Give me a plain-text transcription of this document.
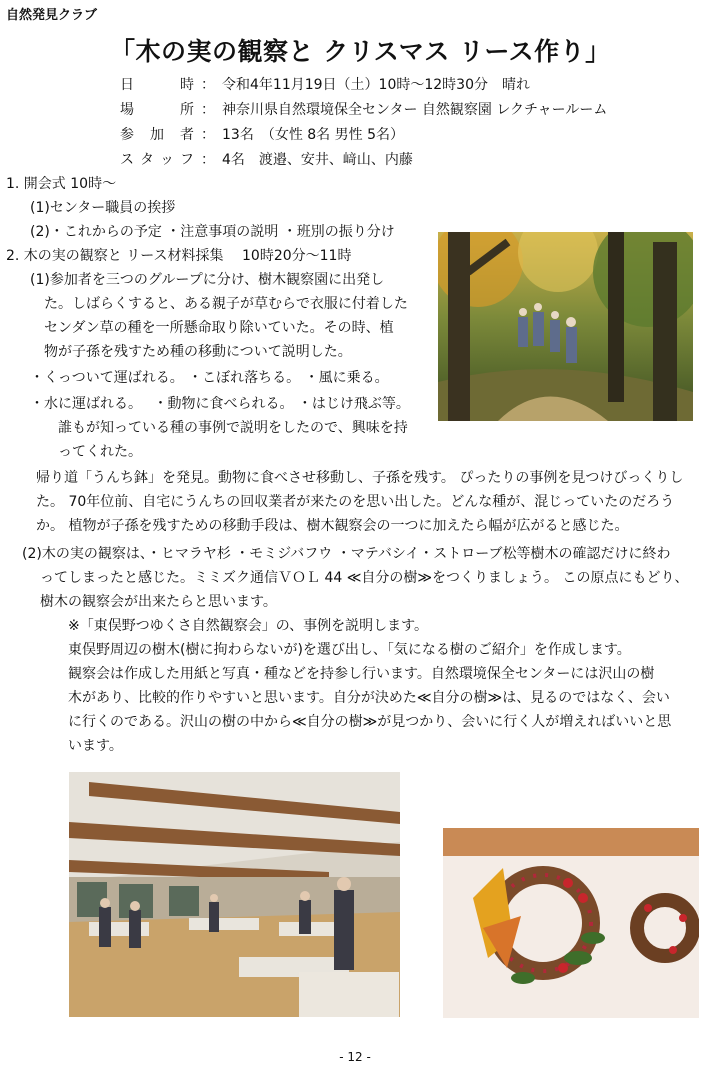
自然発見クラブ
「木の実の観察と クリスマス リース作り」
日 時 ： 令和4年11月19日（土）10時～12時30分　晴れ
場 所 ： 神奈川県自然環境保全センター 自然観察園 レクチャールーム
参加者 ： 13名　（女性 8名 男性 5名）
スタッフ ： 4名　渡邉、安井、﨑山、内藤
1. 開会式 10時～
(1)センター職員の挨拶
(2)・これからの予定 ・注意事項の説明 ・班別の振り分け
2. 木の実の観察と リース材料採集　 10時20分～11時
(1)参加者を三つのグループに分け、樹木観察園に出発し
た。しばらくすると、ある親子が草むらで衣服に付着した
センダン草の種を一所懸命取り除いていた。その時、植
物が子孫を残すため種の移動について説明した。
・くっついて運ばれる。 ・こぼれ落ちる。 ・風に乗る。
・水に運ばれる。　 ・動物に食べられる。 ・はじけ飛ぶ等。
誰もが知っている種の事例で説明をしたので、興味を持
ってくれた。
帰り道「うんち鉢」を発見。動物に食べさせ移動し、子孫を残す。 ぴったりの事例を見つけびっくりし
た。 70年位前、自宅にうんちの回収業者が来たのを思い出した。どんな種が、混じっていたのだろう
か。 植物が子孫を残すための移動手段は、樹木観察会の一つに加えたら幅が広がると感じた。
(2)木の実の観察は、・ヒマラヤ杉 ・モミジバフウ ・マテバシイ・ストローブ松等樹木の確認だけに終わ
ってしまったと感じた。ミミズク通信ＶＯＬ 44 ≪自分の樹≫をつくりましょう。 この原点にもどり、
樹木の観察会が出来たらと思います。
※「東俣野つゆくさ自然観察会」の、事例を説明します。
東俣野周辺の樹木(樹に拘わらないが)を選び出し、「気になる樹のご紹介」を作成します。
観察会は作成した用紙と写真・種などを持参し行います。自然環境保全センターには沢山の樹
木があり、比較的作りやすいと思います。自分が決めた≪自分の樹≫は、見るのではなく、会い
に行くのである。沢山の樹の中から≪自分の樹≫が見つかり、会いに行く人が増えればいいと思
います。
- 12 -
